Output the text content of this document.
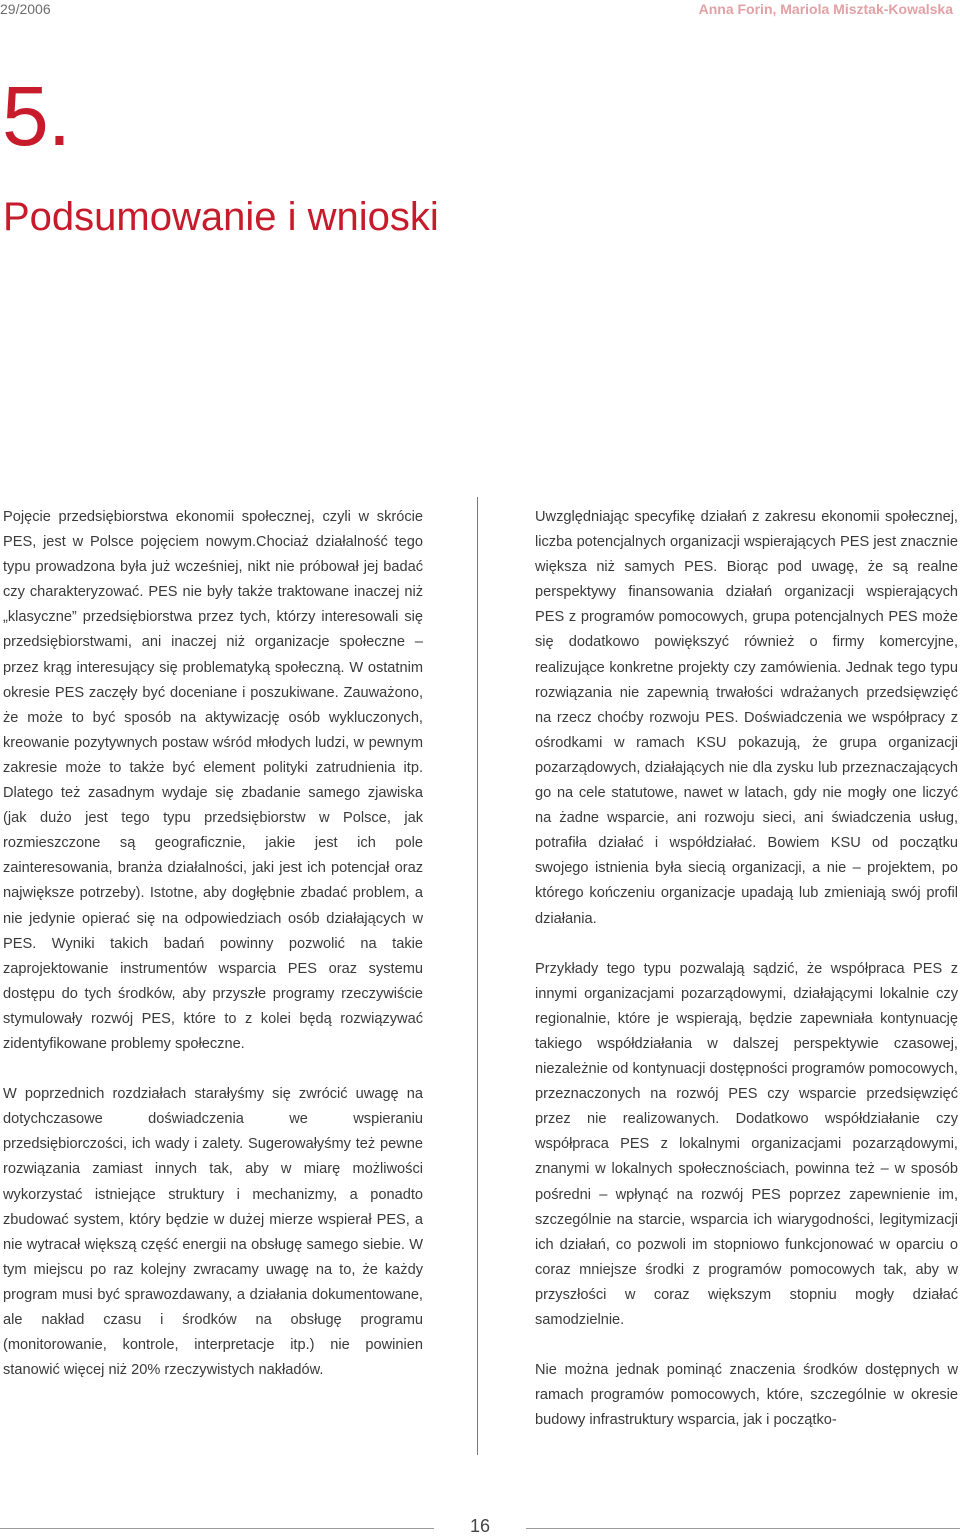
29/2006	Anna Forin, Mariola Misztak-Kowalska
5.
Podsumowanie i wnioski

Pojęcie przedsiębiorstwa ekonomii społecznej, czyli w skrócie PES, jest w Polsce pojęciem nowym.Chociaż działalność tego typu prowadzona była już wcześniej, nikt nie próbował jej badać czy charakteryzować. PES nie były także traktowane inaczej niż „klasyczne” przedsiębiorstwa przez tych, którzy interesowali się przedsiębiorstwami, ani inaczej niż organizacje społeczne – przez krąg interesujący się problematyką społeczną. W ostatnim okresie PES zaczęły być doceniane i poszukiwane. Zauważono, że może to być sposób na aktywizację osób wykluczonych, kreowanie pozytywnych postaw wśród młodych ludzi, w pewnym zakresie może to także być element polityki zatrudnienia itp. Dlatego też zasadnym wydaje się zbadanie samego zjawiska (jak dużo jest tego typu przedsiębiorstw w Polsce, jak rozmieszczone są geograficznie, jakie jest ich pole zainteresowania, branża działalności, jaki jest ich potencjał oraz największe potrzeby). Istotne, aby dogłębnie zbadać problem, a nie jedynie opierać się na odpowiedziach osób działających w PES. Wyniki takich badań powinny pozwolić na takie zaprojektowanie instrumentów wsparcia PES oraz systemu dostępu do tych środków, aby przyszłe programy rzeczywiście stymulowały rozwój PES, które to z kolei będą rozwiązywać zidentyfikowane problemy społeczne.

W poprzednich rozdziałach starałyśmy się zwrócić uwagę na dotychczasowe doświadczenia we wspieraniu przedsiębiorczości, ich wady i zalety. Sugerowałyśmy też pewne rozwiązania zamiast innych tak, aby w miarę możliwości wykorzystać istniejące struktury i mechanizmy, a ponadto zbudować system, który będzie w dużej mierze wspierał PES, a nie wytracał większą część energii na obsługę samego siebie. W tym miejscu po raz kolejny zwracamy uwagę na to, że każdy program musi być sprawozdawany, a działania dokumentowane, ale nakład czasu i środków na obsługę programu (monitorowanie, kontrole, interpretacje itp.) nie powinien stanowić więcej niż 20% rzeczywistych nakładów.

Uwzględniając specyfikę działań z zakresu ekonomii społecznej, liczba potencjalnych organizacji wspierających PES jest znacznie większa niż samych PES. Biorąc pod uwagę, że są realne perspektywy finansowania działań organizacji wspierających PES z programów pomocowych, grupa potencjalnych PES może się dodatkowo powiększyć również o firmy komercyjne, realizujące konkretne projekty czy zamówienia. Jednak tego typu rozwiązania nie zapewnią trwałości wdrażanych przedsięwzięć na rzecz choćby rozwoju PES. Doświadczenia we współpracy z ośrodkami w ramach KSU pokazują, że grupa organizacji pozarządowych, działających nie dla zysku lub przeznaczających go na cele statutowe, nawet w latach, gdy nie mogły one liczyć na żadne wsparcie, ani rozwoju sieci, ani świadczenia usług, potrafiła działać i współdziałać. Bowiem KSU od początku swojego istnienia była siecią organizacji, a nie – projektem, po którego kończeniu organizacje upadają lub zmieniają swój profil działania.

Przykłady tego typu pozwalają sądzić, że współpraca PES z innymi organizacjami pozarządowymi, działającymi lokalnie czy regionalnie, które je wspierają, będzie zapewniała kontynuację takiego współdziałania w dalszej perspektywie czasowej, niezależnie od kontynuacji dostępności programów pomocowych, przeznaczonych na rozwój PES czy wsparcie przedsięwzięć przez nie realizowanych. Dodatkowo współdziałanie czy współpraca PES z lokalnymi organizacjami pozarządowymi, znanymi w lokalnych społecznościach, powinna też – w sposób pośredni – wpłynąć na rozwój PES poprzez zapewnienie im, szczególnie na starcie, wsparcia ich wiarygodności, legitymizacji ich działań, co pozwoli im stopniowo funkcjonować w oparciu o coraz mniejsze środki z programów pomocowych tak, aby w przyszłości w coraz większym stopniu mogły działać samodzielnie.

Nie można jednak pominąć znaczenia środków dostępnych w ramach programów pomocowych, które, szczególnie w okresie budowy infrastruktury wsparcia, jak i początko-

16
